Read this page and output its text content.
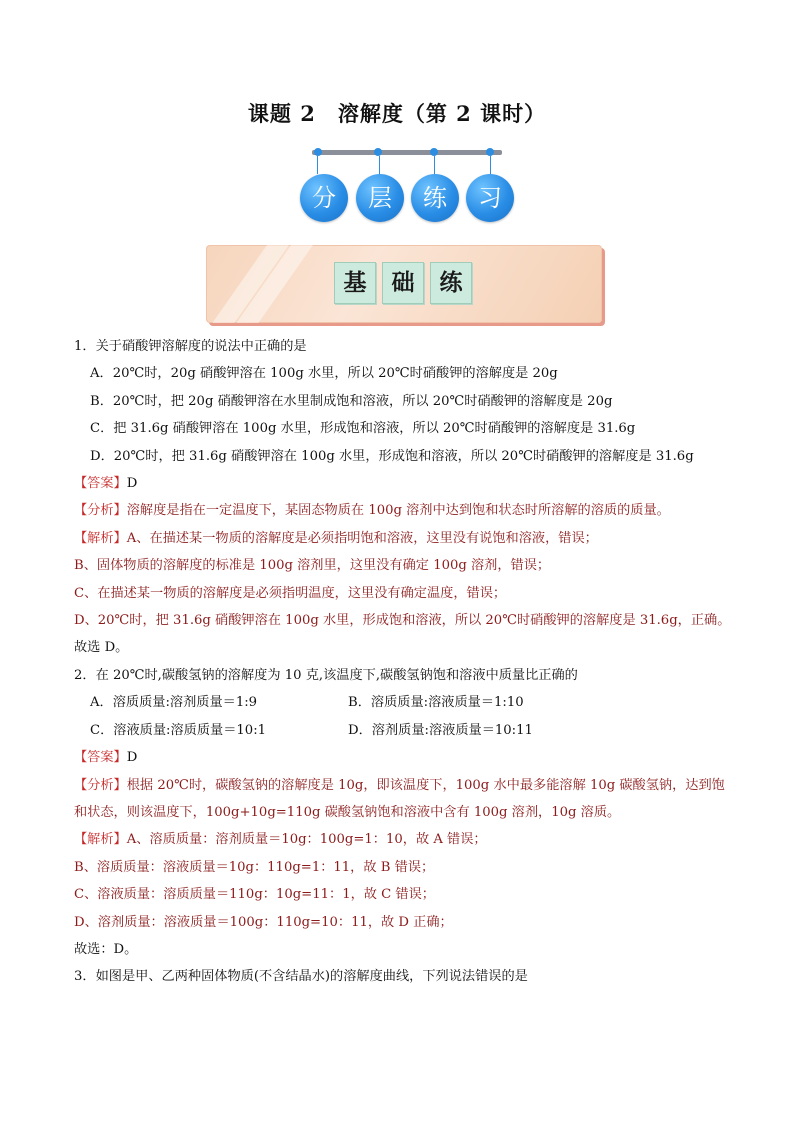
课题 2 溶解度（第 2 课时）
分	层	练	习
基	础	练

1．关于硝酸钾溶解度的说法中正确的是

A．20℃时，20g 硝酸钾溶在 100g 水里，所以 20℃时硝酸钾的溶解度是 20g

B．20℃时，把 20g 硝酸钾溶在水里制成饱和溶液，所以 20℃时硝酸钾的溶解度是 20g

C．把 31.6g 硝酸钾溶在 100g 水里，形成饱和溶液，所以 20℃时硝酸钾的溶解度是 31.6g

D．20℃时，把 31.6g 硝酸钾溶在 100g 水里，形成饱和溶液，所以 20℃时硝酸钾的溶解度是 31.6g

【答案】D

【分析】溶解度是指在一定温度下，某固态物质在 100g 溶剂中达到饱和状态时所溶解的溶质的质量。

【解析】A、在描述某一物质的溶解度是必须指明饱和溶液，这里没有说饱和溶液，错误；

B、固体物质的溶解度的标准是 100g 溶剂里，这里没有确定 100g 溶剂，错误；

C、在描述某一物质的溶解度是必须指明温度，这里没有确定温度，错误；

D、20℃时，把 31.6g 硝酸钾溶在 100g 水里，形成饱和溶液，所以 20℃时硝酸钾的溶解度是 31.6g，正确。

故选 D。

2．在 20℃时,碳酸氢钠的溶解度为 10 克,该温度下,碳酸氢钠饱和溶液中质量比正确的

A．溶质质量:溶剂质量＝1:9	B．溶质质量:溶液质量＝1:10
C．溶液质量:溶质质量＝10:1	D．溶剂质量:溶液质量＝10:11

【答案】D

【分析】根据 20℃时，碳酸氢钠的溶解度是 10g，即该温度下，100g 水中最多能溶解 10g 碳酸氢钠，达到饱和状态，则该温度下，100g+10g=110g 碳酸氢钠饱和溶液中含有 100g 溶剂，10g 溶质。

【解析】A、溶质质量：溶剂质量＝10g：100g=1：10，故 A 错误；

B、溶质质量：溶液质量＝10g：110g=1：11，故 B 错误；

C、溶液质量：溶质质量＝110g：10g=11：1，故 C 错误；

D、溶剂质量：溶液质量＝100g：110g=10：11，故 D 正确；

故选：D。

3．如图是甲、乙两种固体物质(不含结晶水)的溶解度曲线，下列说法错误的是
